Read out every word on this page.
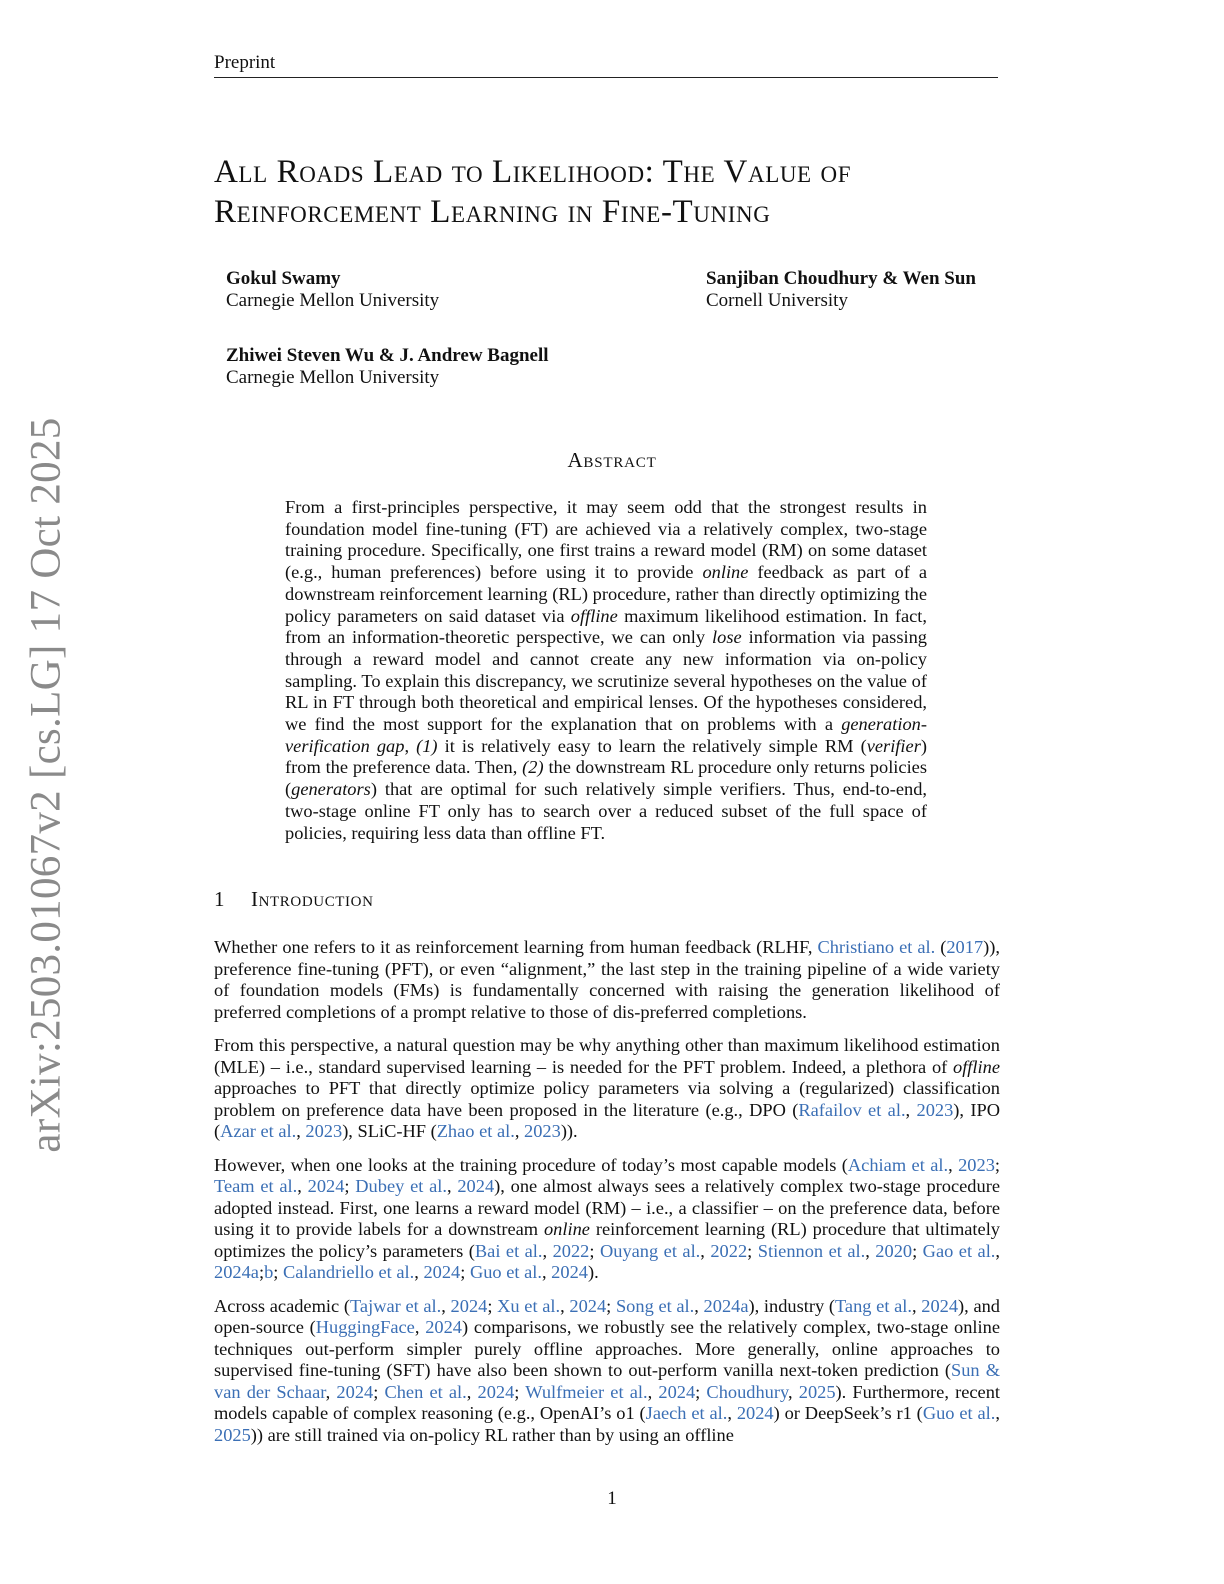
Preprint
arXiv:2503.01067v2 [cs.LG] 17 Oct 2025
All Roads Lead to Likelihood: The Value of
Reinforcement Learning in Fine-Tuning
Gokul Swamy
Carnegie Mellon University
Sanjiban Choudhury & Wen Sun
Cornell University
Zhiwei Steven Wu & J. Andrew Bagnell
Carnegie Mellon University
Abstract
From a first-principles perspective, it may seem odd that the strongest results in foundation model fine-tuning (FT) are achieved via a relatively complex, two-stage training procedure. Specifically, one first trains a reward model (RM) on some dataset (e.g., human preferences) before using it to provide online feedback as part of a downstream reinforcement learning (RL) procedure, rather than directly optimizing the policy parameters on said dataset via offline maximum likelihood estimation. In fact, from an information-theoretic perspective, we can only lose information via passing through a reward model and cannot create any new information via on-policy sampling. To explain this discrepancy, we scrutinize several hypotheses on the value of RL in FT through both theoretical and empirical lenses. Of the hypotheses considered, we find the most support for the explanation that on problems with a generation-verification gap, (1) it is relatively easy to learn the relatively simple RM (verifier) from the preference data. Then, (2) the downstream RL procedure only returns policies (generators) that are optimal for such relatively simple verifiers. Thus, end-to-end, two-stage online FT only has to search over a reduced subset of the full space of policies, requiring less data than offline FT.
1 Introduction

Whether one refers to it as reinforcement learning from human feedback (RLHF, Christiano et al. (2017)), preference fine-tuning (PFT), or even “alignment,” the last step in the training pipeline of a wide variety of foundation models (FMs) is fundamentally concerned with raising the generation likelihood of preferred completions of a prompt relative to those of dis-preferred completions.

From this perspective, a natural question may be why anything other than maximum likelihood estimation (MLE) – i.e., standard supervised learning – is needed for the PFT problem. Indeed, a plethora of offline approaches to PFT that directly optimize policy parameters via solving a (regularized) classification problem on preference data have been proposed in the literature (e.g., DPO (Rafailov et al., 2023), IPO (Azar et al., 2023), SLiC-HF (Zhao et al., 2023)).

However, when one looks at the training procedure of today’s most capable models (Achiam et al., 2023; Team et al., 2024; Dubey et al., 2024), one almost always sees a relatively complex two-stage procedure adopted instead. First, one learns a reward model (RM) – i.e., a classifier – on the preference data, before using it to provide labels for a downstream online reinforcement learning (RL) procedure that ultimately optimizes the policy’s parameters (Bai et al., 2022; Ouyang et al., 2022; Stiennon et al., 2020; Gao et al., 2024a;b; Calandriello et al., 2024; Guo et al., 2024).

Across academic (Tajwar et al., 2024; Xu et al., 2024; Song et al., 2024a), industry (Tang et al., 2024), and open-source (HuggingFace, 2024) comparisons, we robustly see the relatively complex, two-stage online techniques out-perform simpler purely offline approaches. More generally, online approaches to supervised fine-tuning (SFT) have also been shown to out-perform vanilla next-token prediction (Sun & van der Schaar, 2024; Chen et al., 2024; Wulfmeier et al., 2024; Choudhury, 2025). Furthermore, recent models capable of complex reasoning (e.g., OpenAI’s o1 (Jaech et al., 2024) or DeepSeek’s r1 (Guo et al., 2025)) are still trained via on-policy RL rather than by using an offline

1
